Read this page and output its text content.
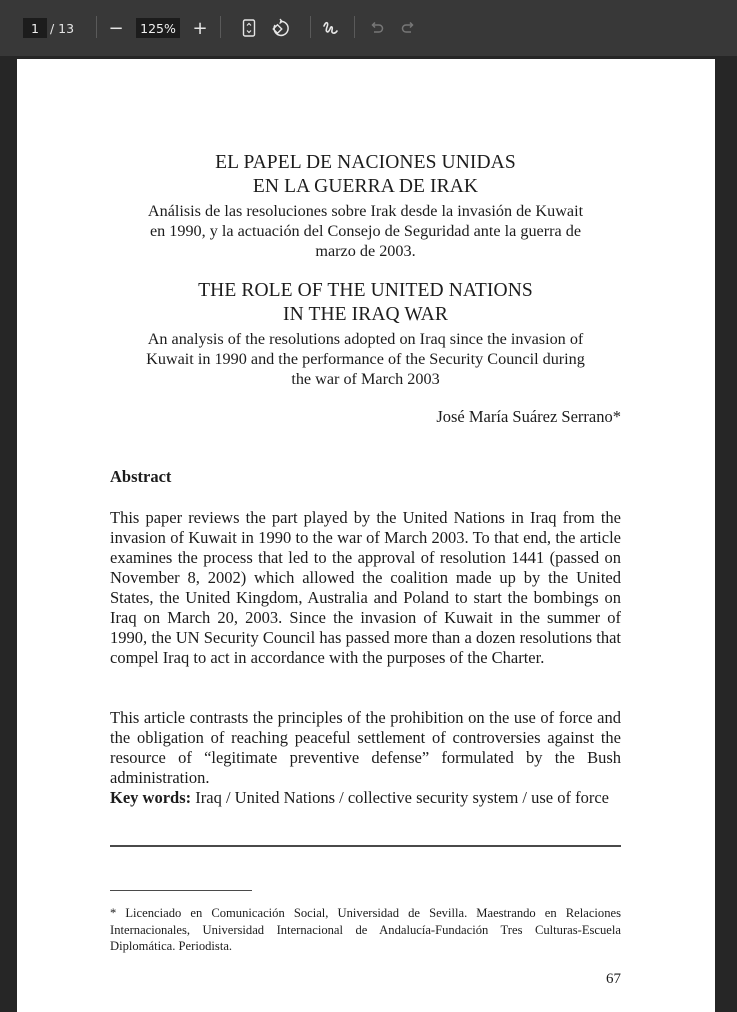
1
/ 13	−
125%	+
EL PAPEL DE NACIONES UNIDAS
EN LA GUERRA DE IRAK
Análisis de las resoluciones sobre Irak desde la invasión de Kuwait
en 1990, y la actuación del Consejo de Seguridad ante la guerra de
marzo de 2003.
THE ROLE OF THE UNITED NATIONS
IN THE IRAQ WAR
An analysis of the resolutions adopted on Iraq since the invasion of
Kuwait in 1990 and the performance of the Security Council during
the war of March 2003
José María Suárez Serrano*
Abstract
This paper reviews the part played by the United Nations in Iraq from the invasion of Kuwait in 1990 to the war of March 2003. To that end, the article examines the process that led to the approval of resolution 1441 (passed on November 8, 2002) which allowed the coalition made up by the United States, the United Kingdom, Australia and Poland to start the bombings on Iraq on March 20, 2003. Since the invasion of Kuwait in the summer of 1990, the UN Security Council has passed more than a dozen resolutions that compel Iraq to act in accordance with the purposes of the Charter.
This article contrasts the principles of the prohibition on the use of force and the obligation of reaching peaceful settlement of controversies against the resource of “legitimate preventive defense” formulated by the Bush administration.
Key words: Iraq / United Nations / collective security system / use of force
* Licenciado en Comunicación Social, Universidad de Sevilla. Maestrando en Relaciones Internacionales, Universidad Internacional de Andalucía-Fundación Tres Culturas-Escuela Diplomática. Periodista.
67
